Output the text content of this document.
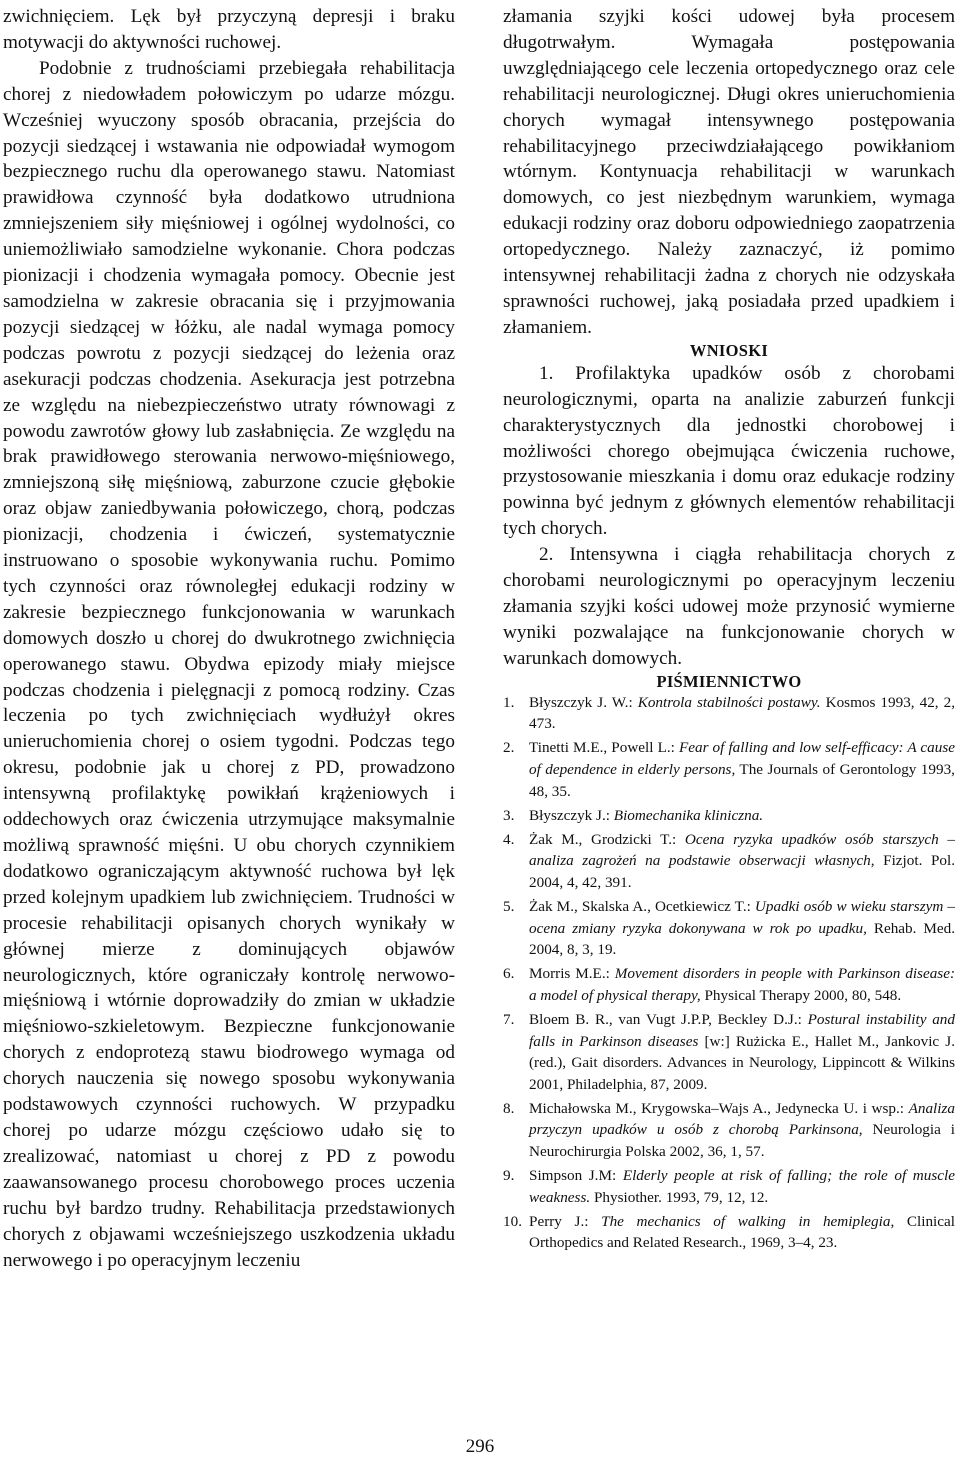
zwichnięciem. Lęk był przyczyną depresji i braku motywacji do aktywności ruchowej.

Podobnie z trudnościami przebiegała rehabilitacja chorej z niedowładem połowiczym po udarze mózgu. Wcześniej wyuczony sposób obracania, przejścia do pozycji siedzącej i wstawania nie odpowiadał wymogom bezpiecznego ruchu dla operowanego stawu. Natomiast prawidłowa czynność była dodatkowo utrudniona zmniejszeniem siły mięśniowej i ogólnej wydolności, co uniemożliwiało samodzielne wykonanie. Chora podczas pionizacji i chodzenia wymagała pomocy. Obecnie jest samodzielna w zakresie obracania się i przyjmowania pozycji siedzącej w łóżku, ale nadal wymaga pomocy podczas powrotu z pozycji siedzącej do leżenia oraz asekuracji podczas chodzenia. Asekuracja jest potrzebna ze względu na niebezpieczeństwo utraty równowagi z powodu zawrotów głowy lub zasłabnięcia. Ze względu na brak prawidłowego sterowania nerwowo-mięśniowego, zmniejszoną siłę mięśniową, zaburzone czucie głębokie oraz objaw zaniedbywania połowiczego, chorą, podczas pionizacji, chodzenia i ćwiczeń, systematycznie instruowano o sposobie wykonywania ruchu. Pomimo tych czynności oraz równoległej edukacji rodziny w zakresie bezpiecznego funkcjonowania w warunkach domowych doszło u chorej do dwukrotnego zwichnięcia operowanego stawu. Obydwa epizody miały miejsce podczas chodzenia i pielęgnacji z pomocą rodziny. Czas leczenia po tych zwichnięciach wydłużył okres unieruchomienia chorej o osiem tygodni. Podczas tego okresu, podobnie jak u chorej z PD, prowadzono intensywną profilaktykę powikłań krążeniowych i oddechowych oraz ćwiczenia utrzymujące maksymalnie możliwą sprawność mięśni. U obu chorych czynnikiem dodatkowo ograniczającym aktywność ruchowa był lęk przed kolejnym upadkiem lub zwichnięciem. Trudności w procesie rehabilitacji opisanych chorych wynikały w głównej mierze z dominujących objawów neurologicznych, które ograniczały kontrolę nerwowo-mięśniową i wtórnie doprowadziły do zmian w układzie mięśniowo-szkieletowym. Bezpieczne funkcjonowanie chorych z endoprotezą stawu biodrowego wymaga od chorych nauczenia się nowego sposobu wykonywania podstawowych czynności ruchowych. W przypadku chorej po udarze mózgu częściowo udało się to zrealizować, natomiast u chorej z PD z powodu zaawansowanego procesu chorobowego proces uczenia ruchu był bardzo trudny. Rehabilitacja przedstawionych chorych z objawami wcześniejszego uszkodzenia układu nerwowego i po operacyjnym leczeniu

złamania szyjki kości udowej była procesem długotrwałym. Wymagała postępowania uwzględniającego cele leczenia ortopedycznego oraz cele rehabilitacji neurologicznej. Długi okres unieruchomienia chorych wymagał intensywnego postępowania rehabilitacyjnego przeciwdziałającego powikłaniom wtórnym. Kontynuacja rehabilitacji w warunkach domowych, co jest niezbędnym warunkiem, wymaga edukacji rodziny oraz doboru odpowiedniego zaopatrzenia ortopedycznego. Należy zaznaczyć, iż pomimo intensywnej rehabilitacji żadna z chorych nie odzyskała sprawności ruchowej, jaką posiadała przed upadkiem i złamaniem.

WNIOSKI

1. Profilaktyka upadków osób z chorobami neurologicznymi, oparta na analizie zaburzeń funkcji charakterystycznych dla jednostki chorobowej i możliwości chorego obejmująca ćwiczenia ruchowe, przystosowanie mieszkania i domu oraz edukacje rodziny powinna być jednym z głównych elementów rehabilitacji tych chorych.

2. Intensywna i ciągła rehabilitacja chorych z chorobami neurologicznymi po operacyjnym leczeniu złamania szyjki kości udowej może przynosić wymierne wyniki pozwalające na funkcjonowanie chorych w warunkach domowych.

PIŚMIENNICTWO
1. Błyszczyk J. W.: Kontrola stabilności postawy. Kosmos 1993, 42, 2, 473.
2. Tinetti M.E., Powell L.: Fear of falling and low self-efficacy: A cause of dependence in elderly persons, The Journals of Gerontology 1993, 48, 35.
3. Błyszczyk J.: Biomechanika kliniczna.
4. Żak M., Grodzicki T.: Ocena ryzyka upadków osób starszych – analiza zagrożeń na podstawie obserwacji własnych, Fizjot. Pol. 2004, 4, 42, 391.
5. Żak M., Skalska A., Ocetkiewicz T.: Upadki osób w wieku starszym – ocena zmiany ryzyka dokonywana w rok po upadku, Rehab. Med. 2004, 8, 3, 19.
6. Morris M.E.: Movement disorders in people with Parkinson disease: a model of physical therapy, Physical Therapy 2000, 80, 548.
7. Bloem B. R., van Vugt J.P.P, Beckley D.J.: Postural instability and falls in Parkinson diseases [w:] Rużicka E., Hallet M., Jankovic J. (red.), Gait disorders. Advances in Neurology, Lippincott & Wilkins 2001, Philadelphia, 87, 2009.
8. Michałowska M., Krygowska–Wajs A., Jedynecka U. i wsp.: Analiza przyczyn upadków u osób z chorobą Parkinsona, Neurologia i Neurochirurgia Polska 2002, 36, 1, 57.
9. Simpson J.M: Elderly people at risk of falling; the role of muscle weakness. Physiother. 1993, 79, 12, 12.
10. Perry J.: The mechanics of walking in hemiplegia, Clinical Orthopedics and Related Research., 1969, 3–4, 23.
296
